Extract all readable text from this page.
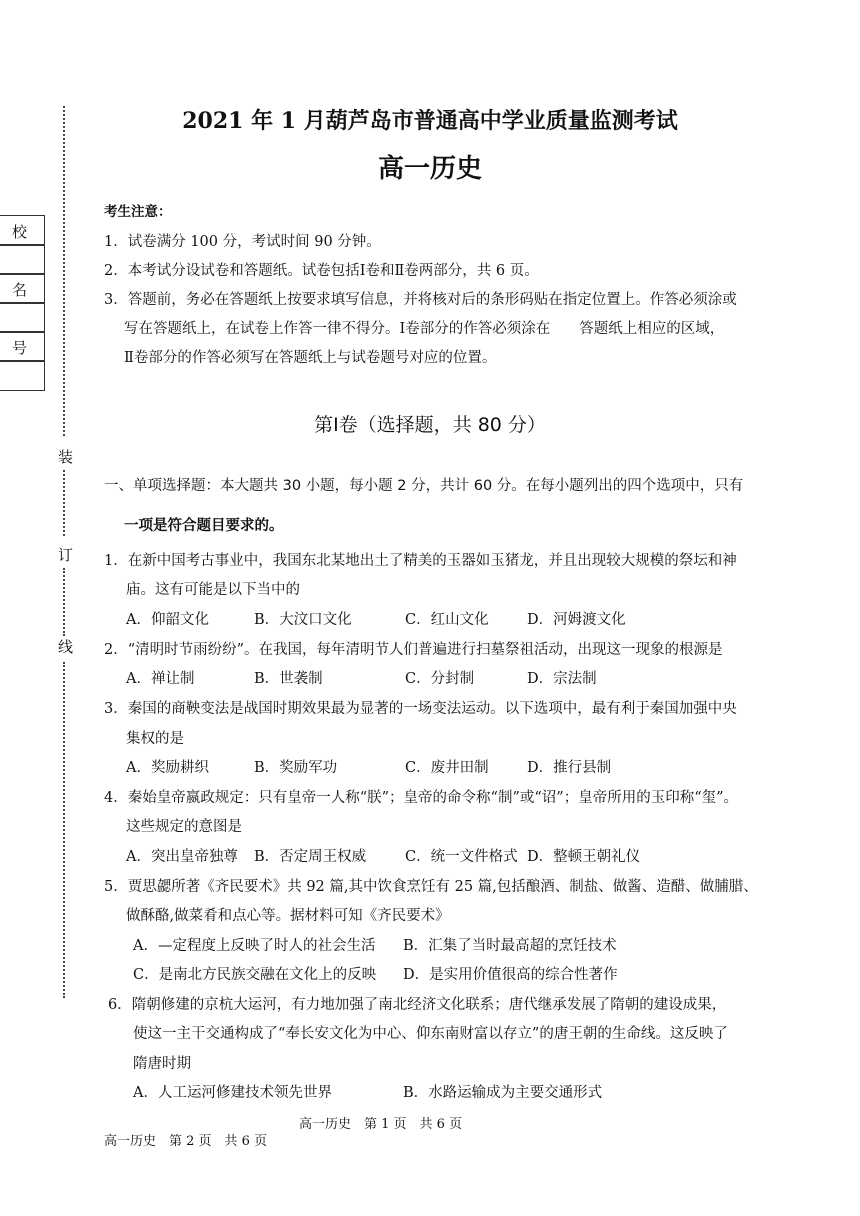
装
订
线
校
名
号
2021 年 1 月葫芦岛市普通高中学业质量监测考试
高一历史
考生注意：
1．试卷满分 100 分，考试时间 90 分钟。
2．本考试分设试卷和答题纸。试卷包括Ⅰ卷和Ⅱ卷两部分，共 6 页。
3．答题前，务必在答题纸上按要求填写信息，并将核对后的条形码贴在指定位置上。作答必须涂或
写在答题纸上，在试卷上作答一律不得分。Ⅰ卷部分的作答必须涂在　　答题纸上相应的区域，
Ⅱ卷部分的作答必须写在答题纸上与试卷题号对应的位置。
第Ⅰ卷（选择题，共 80 分）
一、单项选择题：本大题共 30 小题，每小题 2 分，共计 60 分。在每小题列出的四个选项中，只有
一项是符合题目要求的。
1．在新中国考古事业中，我国东北某地出土了精美的玉器如玉猪龙，并且出现较大规模的祭坛和神
庙。这有可能是以下当中的
A．仰韶文化	B．大汶口文化	C．红山文化	D．河姆渡文化
2．“清明时节雨纷纷”。在我国，每年清明节人们普遍进行扫墓祭祖活动，出现这一现象的根源是
A．禅让制	B．世袭制	C．分封制	D．宗法制
3．秦国的商鞅变法是战国时期效果最为显著的一场变法运动。以下选项中，最有利于秦国加强中央
集权的是
A．奖励耕织	B．奖励军功	C．废井田制	D．推行县制
4．秦始皇帝嬴政规定：只有皇帝一人称“朕”；皇帝的命令称“制”或“诏”；皇帝所用的玉印称“玺”。
这些规定的意图是
A．突出皇帝独尊 B．否定周王权威	C．统一文件格式 D．整顿王朝礼仪
5．贾思勰所著《齐民要术》共 92 篇,其中饮食烹饪有 25 篇,包括酿酒、制盐、做酱、造醋、做脯腊、
做酥酪,做菜肴和点心等。据材料可知《齐民要术》
A．—定程度上反映了时人的社会生活 B．汇集了当时最高超的烹饪技术
C．是南北方民族交融在文化上的反映 D．是实用价值很高的综合性著作
6．隋朝修建的京杭大运河，有力地加强了南北经济文化联系；唐代继承发展了隋朝的建设成果，
使这一主干交通构成了“奉长安文化为中心、仰东南财富以存立”的唐王朝的生命线。这反映了
隋唐时期
A．人工运河修建技术领先世界	B．水路运输成为主要交通形式
高一历史　第 1 页　共 6 页
高一历史　第 2 页　共 6 页
